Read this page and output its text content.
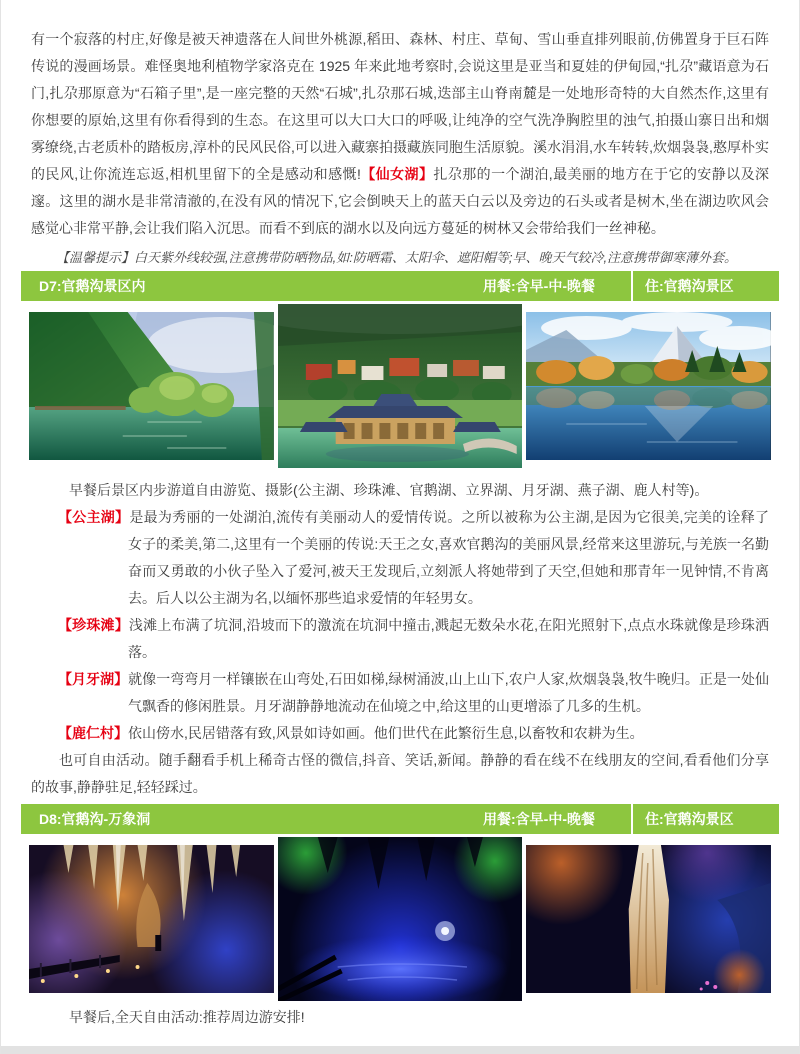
有一个寂落的村庄,好像是被天神遗落在人间世外桃源,稻田、森林、村庄、草甸、雪山垂直排列眼前,仿佛置身于巨石阵传说的漫画场景。难怪奥地利植物学家洛克在 1925 年来此地考察时,会说这里是亚当和夏娃的伊甸园,“扎尕”藏语意为石门,扎尕那原意为“石箱子里”,是一座完整的天然“石城”,扎尕那石城,迭部主山脊南麓是一处地形奇特的大自然杰作,这里有你想要的原始,这里有你看得到的生态。在这里可以大口大口的呼吸,让纯净的空气洗净胸腔里的浊气,拍摄山寨日出和烟雾缭绕,古老质朴的踏板房,淳朴的民风民俗,可以进入藏寨拍摄藏族同胞生活原貌。溪水涓涓,水车转转,炊烟袅袅,憨厚朴实的民风,让你流连忘返,相机里留下的全是感动和感慨!【仙女湖】扎尕那的一个湖泊,最美丽的地方在于它的安静以及深邃。这里的湖水是非常清澈的,在没有风的情况下,它会倒映天上的蓝天白云以及旁边的石头或者是树木,坐在湖边吹风会感觉心非常平静,会让我们陷入沉思。而看不到底的湖水以及向远方蔓延的树林又会带给我们一丝神秘。

【温馨提示】白天紫外线较强,注意携带防晒物品,如:防晒霜、太阳伞、遮阳帽等;早、晚天气较冷,注意携带御寒薄外套。

D7:官鹅沟景区内	用餐:含早-中-晚餐	住:官鹅沟景区

早餐后景区内步游道自由游览、摄影(公主湖、珍珠滩、官鹅湖、立界湖、月牙湖、燕子湖、鹿人村等)。

【公主湖】是最为秀丽的一处湖泊,流传有美丽动人的爱情传说。之所以被称为公主湖,是因为它很美,完美的诠释了女子的柔美,第二,这里有一个美丽的传说:天王之女,喜欢官鹅沟的美丽风景,经常来这里游玩,与羌族一名勤奋而又勇敢的小伙子坠入了爱河,被天王发现后,立刻派人将她带到了天空,但她和那青年一见钟情,不肯离去。后人以公主湖为名,以缅怀那些追求爱情的年轻男女。

【珍珠滩】浅滩上布满了坑洞,沿坡而下的激流在坑洞中撞击,溅起无数朵水花,在阳光照射下,点点水珠就像是珍珠洒落。

【月牙湖】就像一弯弯月一样镶嵌在山弯处,石田如梯,绿树涌波,山上山下,农户人家,炊烟袅袅,牧牛晚归。正是一处仙气飘香的修闲胜景。月牙湖静静地流动在仙境之中,给这里的山更增添了几多的生机。

【鹿仁村】依山傍水,民居错落有致,风景如诗如画。他们世代在此繁衍生息,以畜牧和农耕为生。

也可自由活动。随手翻看手机上稀奇古怪的微信,抖音、笑话,新闻。静静的看在线不在线朋友的空间,看看他们分享的故事,静静驻足,轻轻踩过。

D8:官鹅沟-万象洞	用餐:含早-中-晚餐	住:官鹅沟景区

早餐后,全天自由活动:推荐周边游安排!
